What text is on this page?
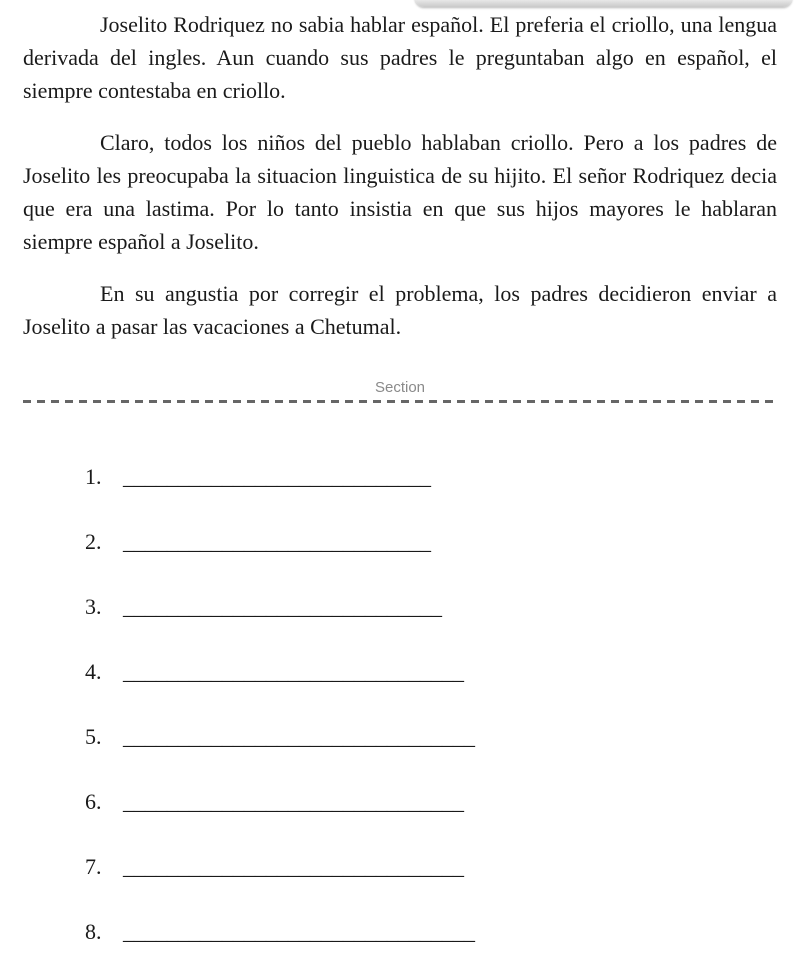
Joselito Rodriquez no sabia hablar español. El preferia el criollo, una lengua derivada del ingles. Aun cuando sus padres le preguntaban algo en español, el siempre contestaba en criollo.

Claro, todos los niños del pueblo hablaban criollo. Pero a los padres de Joselito les preocupaba la situacion linguistica de su hijito. El señor Rodriquez decia que era una lastima. Por lo tanto insistia en que sus hijos mayores le hablaran siempre español a Joselito.

En su angustia por corregir el problema, los padres decidieron enviar a Joselito a pasar las vacaciones a Chetumal.

Section
1. ____________________________
2. ____________________________
3. _____________________________
4. _______________________________
5. ________________________________
6. _______________________________
7. _______________________________
8. ________________________________
